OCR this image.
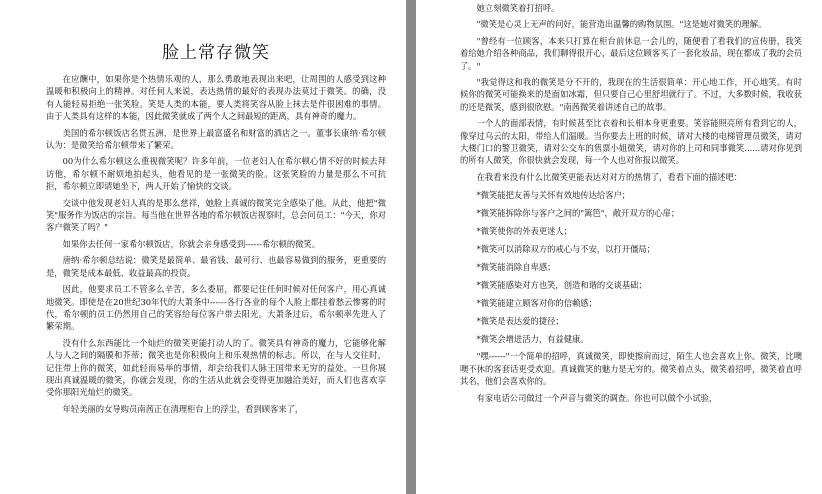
脸上常存微笑

在应酬中，如果你是个热情乐观的人，那么勇敢地表现出来吧，让周围的人感受到这种温暖和积极向上的精神。对任何人来说，表达热情的最好的表现办法莫过于微笑。的确，没有人能轻易拒绝一张笑脸。笑是人类的本能，要人类将笑容从脸上抹去是件很困难的事情。由于人类具有这样的本能，因此微笑就成了两个人之间最短的距离，具有神奇的魔力。

美国的希尔顿饭店名贯五洲，是世界上最富盛名和财富的酒店之一。董事长康纳·希尔顿认为：是微笑给希尔顿带来了繁荣。

00为什么希尔顿这么重视微笑呢？许多年前，一位老妇人在希尔顿心情不好的时候去拜访他，希尔顿不耐烦地拍起头，他看见的是一张微笑的脸。这张笑脸的力量是那么不可抗拒，希尔顿立即请她坐下，两人开始了愉快的交谈。

交谈中他发现老妇人真的是那么慈祥，她脸上真诚的微笑完全感染了他。从此，他把"微笑"服务作为饭店的宗旨。每当他在世界各地的希尔顿饭店视察时，总会问员工："今天，你对客户微笑了吗？"

如果你去任何一家希尔顿饭店，你就会亲身感受到------希尔顿的微笑。

唐纳·希尔顿总结说：微笑是最简单、最省钱、最可行、也最容易做到的服务，更重要的是，微笑是成本最低、收益最高的投资。

因此，他要求员工不管多么辛苦，多么委屈，都要记住任何时候对任何客户，用心真诚地微笑。即使是在20世纪30年代的大萧条中------各行各业的每个人脸上都挂着愁云惨雾的时代，希尔顿的员工仍然用自己的笑容给每位客户带去阳光。大萧条过后，希尔顿率先进入了繁荣期。

没有什么东西能比一个灿烂的微笑更能打动人的了。微笑具有神奇的魔力，它能够化解人与人之间的隔膜和芥蒂；微笑也是你积极向上和乐观热情的标志。所以，在与人交往时，记住带上你的微笑，如此轻而易举的事情，却会给我们人脉王国带来无穷的益处。一旦你展现出真诚温暖的微笑，你就会发现，你的生活从此就会变得更加融洽美好，而人们也喜欢享受你那阳光灿烂的微笑。

年轻美丽的女导购员南茜正在清理柜台上的浮尘，看到顾客来了，

她立刻微笑着打招呼。

"微笑是心灵上无声的问好，能营造出温馨的购物氛围。"这是她对微笑的理解。

"曾经有一位顾客，本来只打算在柜台前休息一会儿的，随便看了看我们的宣传册，我笑着给她介绍各种商品，我们聊得很开心，最后这位顾客买了一套化妆品，现在都成了我的会员了。"

"我觉得这和我的微笑是分不开的，我现在的生活很简单：开心地工作，开心地笑。有时候你的微笑可能换来的是面如冰霜，但只要自己心里舒坦就行了。不过，大多数时候，我收获的还是微笑，感到很欣慰。"南茜微笑着讲述自己的故事。

一个人的面部表情，有时候甚至比衣着和长相本身更重要。笑容能照亮所有看到它的人，像穿过乌云的太阳，带给人们温暖。当你要去上班的时候，请对大楼的电梯管理员微笑，请对大楼门口的警卫微笑，请对公交车的售票小姐微笑，请对你的上司和同事微笑......请对你见到的所有人微笑，你很快就会发现，每一个人也对你报以微笑。

在我看来没有什么比微笑更能表达对对方的热情了，看看下面的描述吧：

*微笑能把友善与关怀有效地传达给客户；

*微笑能拆除你与客户之间的"篱笆"，敞开双方的心扉；

*微笑使你的外表更迷人；

*微笑可以消除双方的戒心与不安，以打开僵局；

*微笑能消除自卑感；

*微笑能感染对方也笑，创造和谐的交谈基础；

*微笑能建立顾客对你的信赖感；

*微笑是表达爱的捷径；

*微笑会增进活力，有益健康。

"嘿------"一个简单的招呼，真诚微笑，即使擦肩而过，陌生人也会喜欢上你。微笑，比噢噢不休的客套话更受欢迎。真诚微笑的魅力是无穷的。微笑着点头，微笑着招呼，微笑着直呼其名，他们会喜欢你的。

有家电话公司做过一个声音与微笑的调查。你也可以做个小试验，
